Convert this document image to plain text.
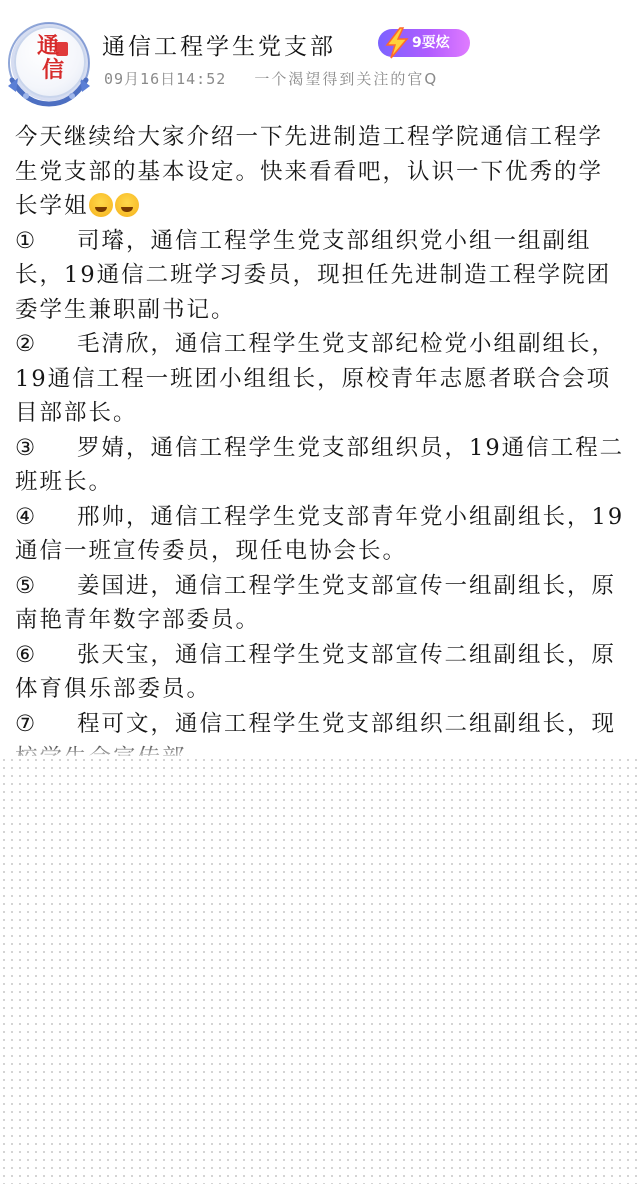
通
信
通信工程学生党支部	9耍炫
09月16日14:52 一个渴望得到关注的官Q

今天继续给大家介绍一下先进制造工程学院通信工程学生党支部的基本设定。快来看看吧，认识一下优秀的学长学姐

① 司璿，通信工程学生党支部组织党小组一组副组长，19通信二班学习委员，现担任先进制造工程学院团委学生兼职副书记。

② 毛清欣，通信工程学生党支部纪检党小组副组长，19通信工程一班团小组组长，原校青年志愿者联合会项目部部长。

③ 罗婧，通信工程学生党支部组织员，19通信工程二班班长。

④ 邢帅，通信工程学生党支部青年党小组副组长，19通信一班宣传委员，现任电协会长。

⑤ 姜国进，通信工程学生党支部宣传一组副组长，原南艳青年数字部委员。

⑥ 张天宝，通信工程学生党支部宣传二组副组长，原体育俱乐部委员。

⑦ 程可文，通信工程学生党支部组织二组副组长，现
